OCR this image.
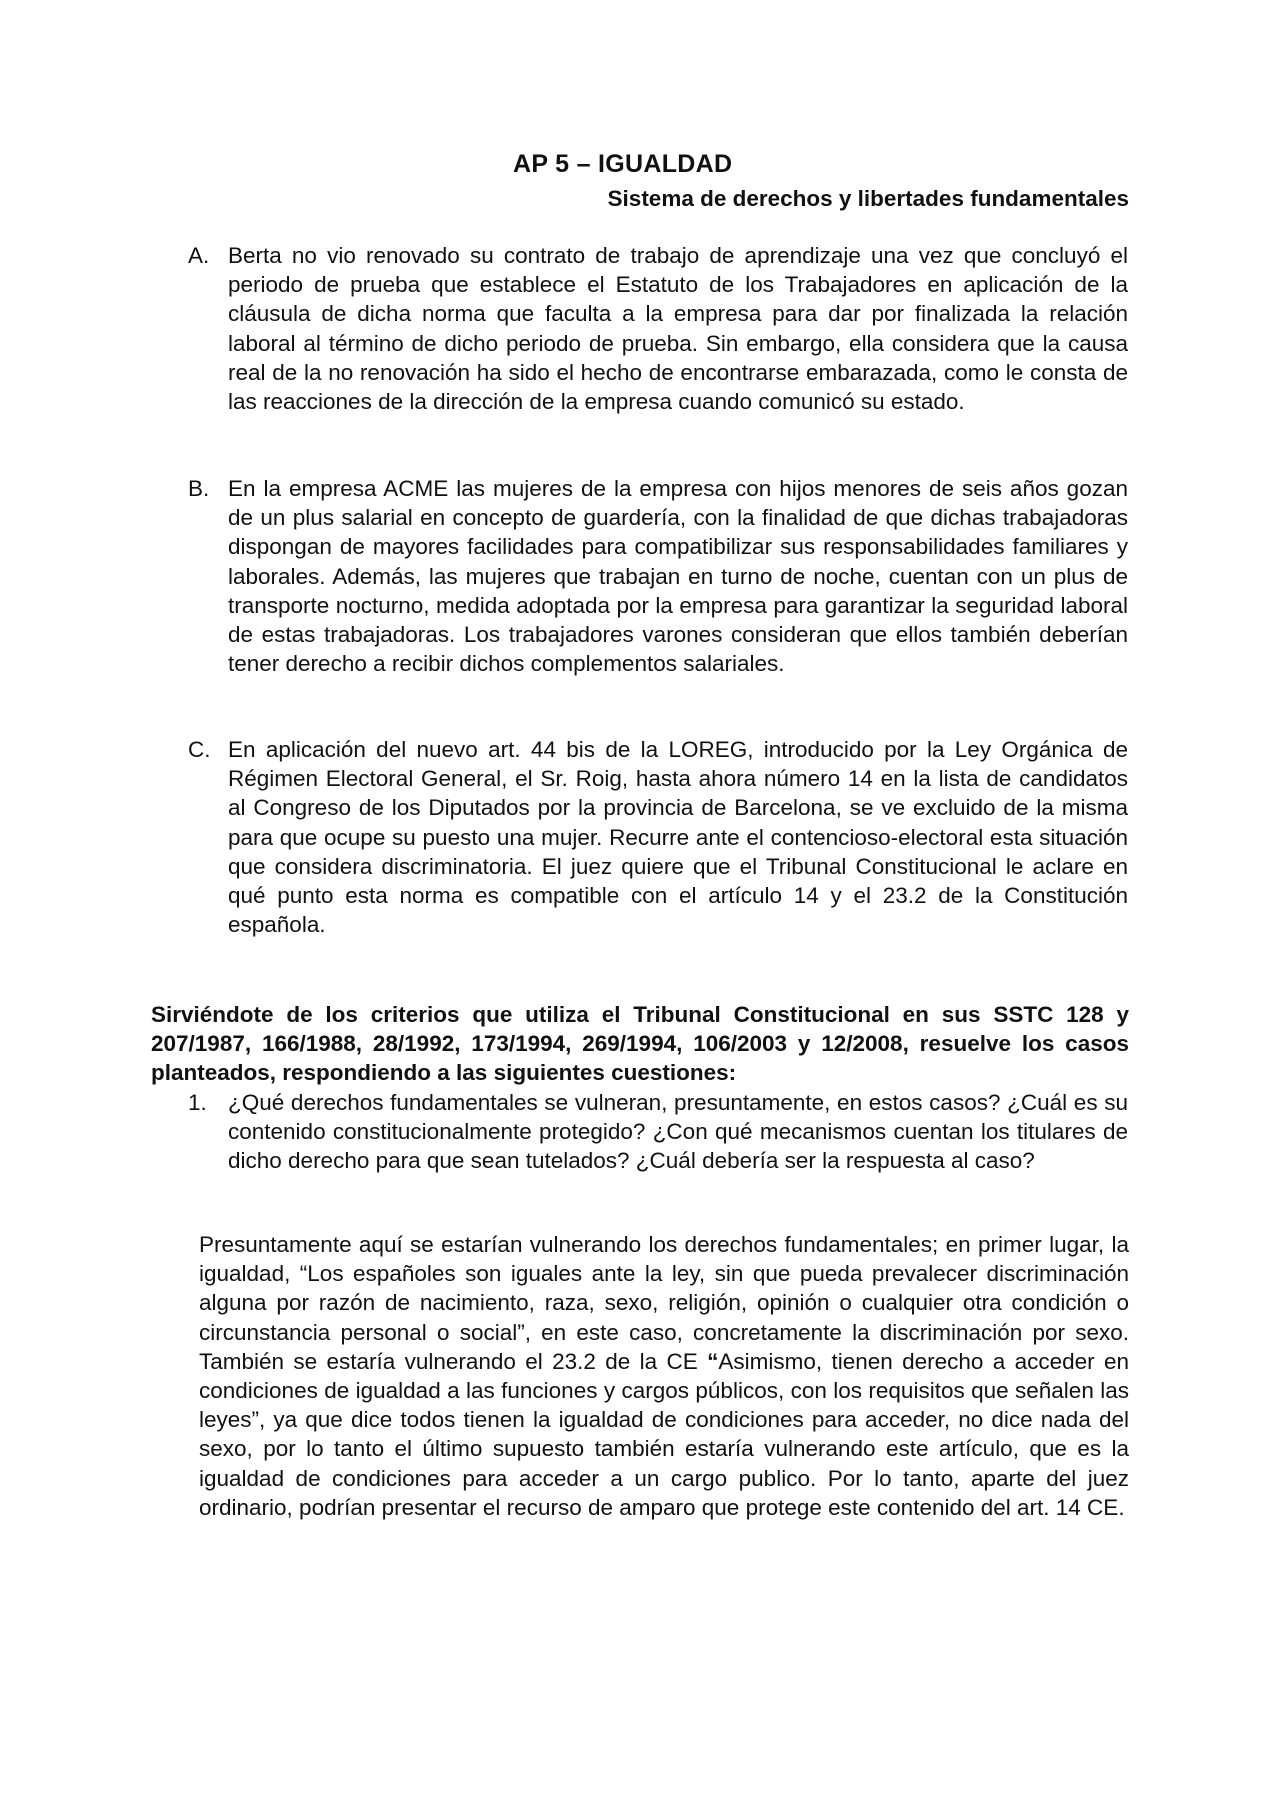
AP 5 – IGUALDAD
Sistema de derechos y libertades fundamentales
A. Berta no vio renovado su contrato de trabajo de aprendizaje una vez que concluyó el periodo de prueba que establece el Estatuto de los Trabajadores en aplicación de la cláusula de dicha norma que faculta a la empresa para dar por finalizada la relación laboral al término de dicho periodo de prueba. Sin embargo, ella considera que la causa real de la no renovación ha sido el hecho de encontrarse embarazada, como le consta de las reacciones de la dirección de la empresa cuando comunicó su estado.

B. En la empresa ACME las mujeres de la empresa con hijos menores de seis años gozan de un plus salarial en concepto de guardería, con la finalidad de que dichas trabajadoras dispongan de mayores facilidades para compatibilizar sus responsabilidades familiares y laborales. Además, las mujeres que trabajan en turno de noche, cuentan con un plus de transporte nocturno, medida adoptada por la empresa para garantizar la seguridad laboral de estas trabajadoras. Los trabajadores varones consideran que ellos también deberían tener derecho a recibir dichos complementos salariales.

C. En aplicación del nuevo art. 44 bis de la LOREG, introducido por la Ley Orgánica de Régimen Electoral General, el Sr. Roig, hasta ahora número 14 en la lista de candidatos al Congreso de los Diputados por la provincia de Barcelona, se ve excluido de la misma para que ocupe su puesto una mujer. Recurre ante el contencioso-electoral esta situación que considera discriminatoria. El juez quiere que el Tribunal Constitucional le aclare en qué punto esta norma es compatible con el artículo 14 y el 23.2 de la Constitución española.

Sirviéndote de los criterios que utiliza el Tribunal Constitucional en sus SSTC 128 y 207/1987, 166/1988, 28/1992, 173/1994, 269/1994, 106/2003 y 12/2008, resuelve los casos planteados, respondiendo a las siguientes cuestiones:

1. ¿Qué derechos fundamentales se vulneran, presuntamente, en estos casos? ¿Cuál es su contenido constitucionalmente protegido? ¿Con qué mecanismos cuentan los titulares de dicho derecho para que sean tutelados? ¿Cuál debería ser la respuesta al caso?

Presuntamente aquí se estarían vulnerando los derechos fundamentales; en primer lugar, la igualdad, “Los españoles son iguales ante la ley, sin que pueda prevalecer discriminación alguna por razón de nacimiento, raza, sexo, religión, opinión o cualquier otra condición o circunstancia personal o social”, en este caso, concretamente la discriminación por sexo. También se estaría vulnerando el 23.2 de la CE “Asimismo, tienen derecho a acceder en condiciones de igualdad a las funciones y cargos públicos, con los requisitos que señalen las leyes”, ya que dice todos tienen la igualdad de condiciones para acceder, no dice nada del sexo, por lo tanto el último supuesto también estaría vulnerando este artículo, que es la igualdad de condiciones para acceder a un cargo publico. Por lo tanto, aparte del juez ordinario, podrían presentar el recurso de amparo que protege este contenido del art. 14 CE.
